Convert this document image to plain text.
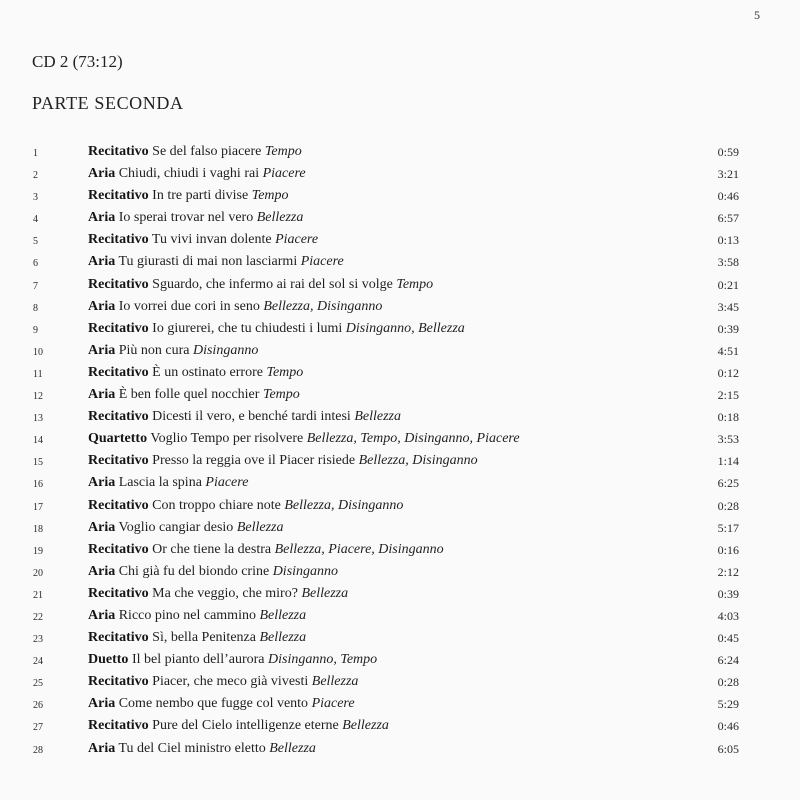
5
CD 2 (73:12)
PARTE SECONDA
1	Recitativo Se del falso piacere Tempo	0:59
2	Aria Chiudi, chiudi i vaghi rai Piacere	3:21
3	Recitativo In tre parti divise Tempo	0:46
4	Aria Io sperai trovar nel vero Bellezza	6:57
5	Recitativo Tu vivi invan dolente Piacere	0:13
6	Aria Tu giurasti di mai non lasciarmi Piacere	3:58
7	Recitativo Sguardo, che infermo ai rai del sol si volge Tempo	0:21
8	Aria Io vorrei due cori in seno Bellezza, Disinganno	3:45
9	Recitativo Io giurerei, che tu chiudesti i lumi Disinganno, Bellezza	0:39
10	Aria Più non cura Disinganno	4:51
11	Recitativo È un ostinato errore Tempo	0:12
12	Aria È ben folle quel nocchier Tempo	2:15
13	Recitativo Dicesti il vero, e benché tardi intesi Bellezza	0:18
14	Quartetto Voglio Tempo per risolvere Bellezza, Tempo, Disinganno, Piacere	3:53
15	Recitativo Presso la reggia ove il Piacer risiede Bellezza, Disinganno	1:14
16	Aria Lascia la spina Piacere	6:25
17	Recitativo Con troppo chiare note Bellezza, Disinganno	0:28
18	Aria Voglio cangiar desio Bellezza	5:17
19	Recitativo Or che tiene la destra Bellezza, Piacere, Disinganno	0:16
20	Aria Chi già fu del biondo crine Disinganno	2:12
21	Recitativo Ma che veggio, che miro? Bellezza	0:39
22	Aria Ricco pino nel cammino Bellezza	4:03
23	Recitativo Sì, bella Penitenza Bellezza	0:45
24	Duetto Il bel pianto dell’aurora Disinganno, Tempo	6:24
25	Recitativo Piacer, che meco già vivesti Bellezza	0:28
26	Aria Come nembo que fugge col vento Piacere	5:29
27	Recitativo Pure del Cielo intelligenze eterne Bellezza	0:46
28	Aria Tu del Ciel ministro eletto Bellezza	6:05
